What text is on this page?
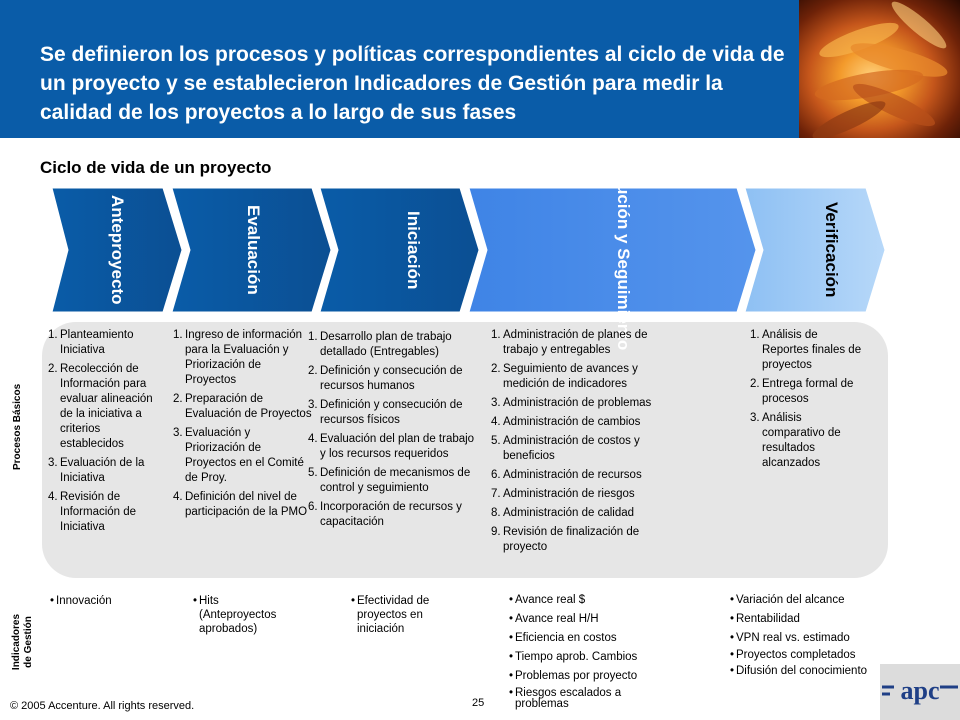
Se definieron los procesos y políticas correspondientes al ciclo de vida de un proyecto y se establecieron Indicadores de Gestión para medir la calidad de los proyectos a lo largo de sus fases
Ciclo de vida de un proyecto
Anteproyecto	Evaluación	Iniciación	Ejecución y Seguimiento	Verificación
Procesos Básicos
Indicadores de Gestión
1. Planteamiento Iniciativa
2. Recolección de Información para evaluar alineación de la iniciativa a criterios establecidos
3. Evaluación de la Iniciativa
4. Revisión de Información de Iniciativa
1. Ingreso de información para la Evaluación y Priorización de Proyectos
2. Preparación de Evaluación de Proyectos
3. Evaluación y Priorización de Proyectos en el Comité de Proy.
4. Definición del nivel de participación de la PMO
1. Desarrollo plan de trabajo detallado (Entregables)
2. Definición y consecución de recursos humanos
3. Definición y consecución de recursos físicos
4. Evaluación del plan de trabajo y los recursos requeridos
5. Definición de mecanismos de control y seguimiento
6. Incorporación de recursos y capacitación
1. Administración de planes de trabajo y entregables
2. Seguimiento de avances y medición de indicadores
3. Administración de problemas
4. Administración de cambios
5. Administración de costos y beneficios
6. Administración de recursos
7. Administración de riesgos
8. Administración de calidad
9. Revisión de finalización de proyecto
1. Análisis de Reportes finales de proyectos
2. Entrega formal de procesos
3. Análisis comparativo de resultados alcanzados
• Innovación
•	Hits (Anteproyectos aprobados)
• Efectividad de proyectos en iniciación
• Avance real $
• Avance real H/H
• Eficiencia en costos
• Tiempo aprob. Cambios
• Problemas por proyecto
• Riesgos escalados a problemas
• Variación del alcance
• Rentabilidad
• VPN real vs. estimado
• Proyectos completados
• Difusión del conocimiento
© 2005 Accenture. All rights reserved.	25	apc
